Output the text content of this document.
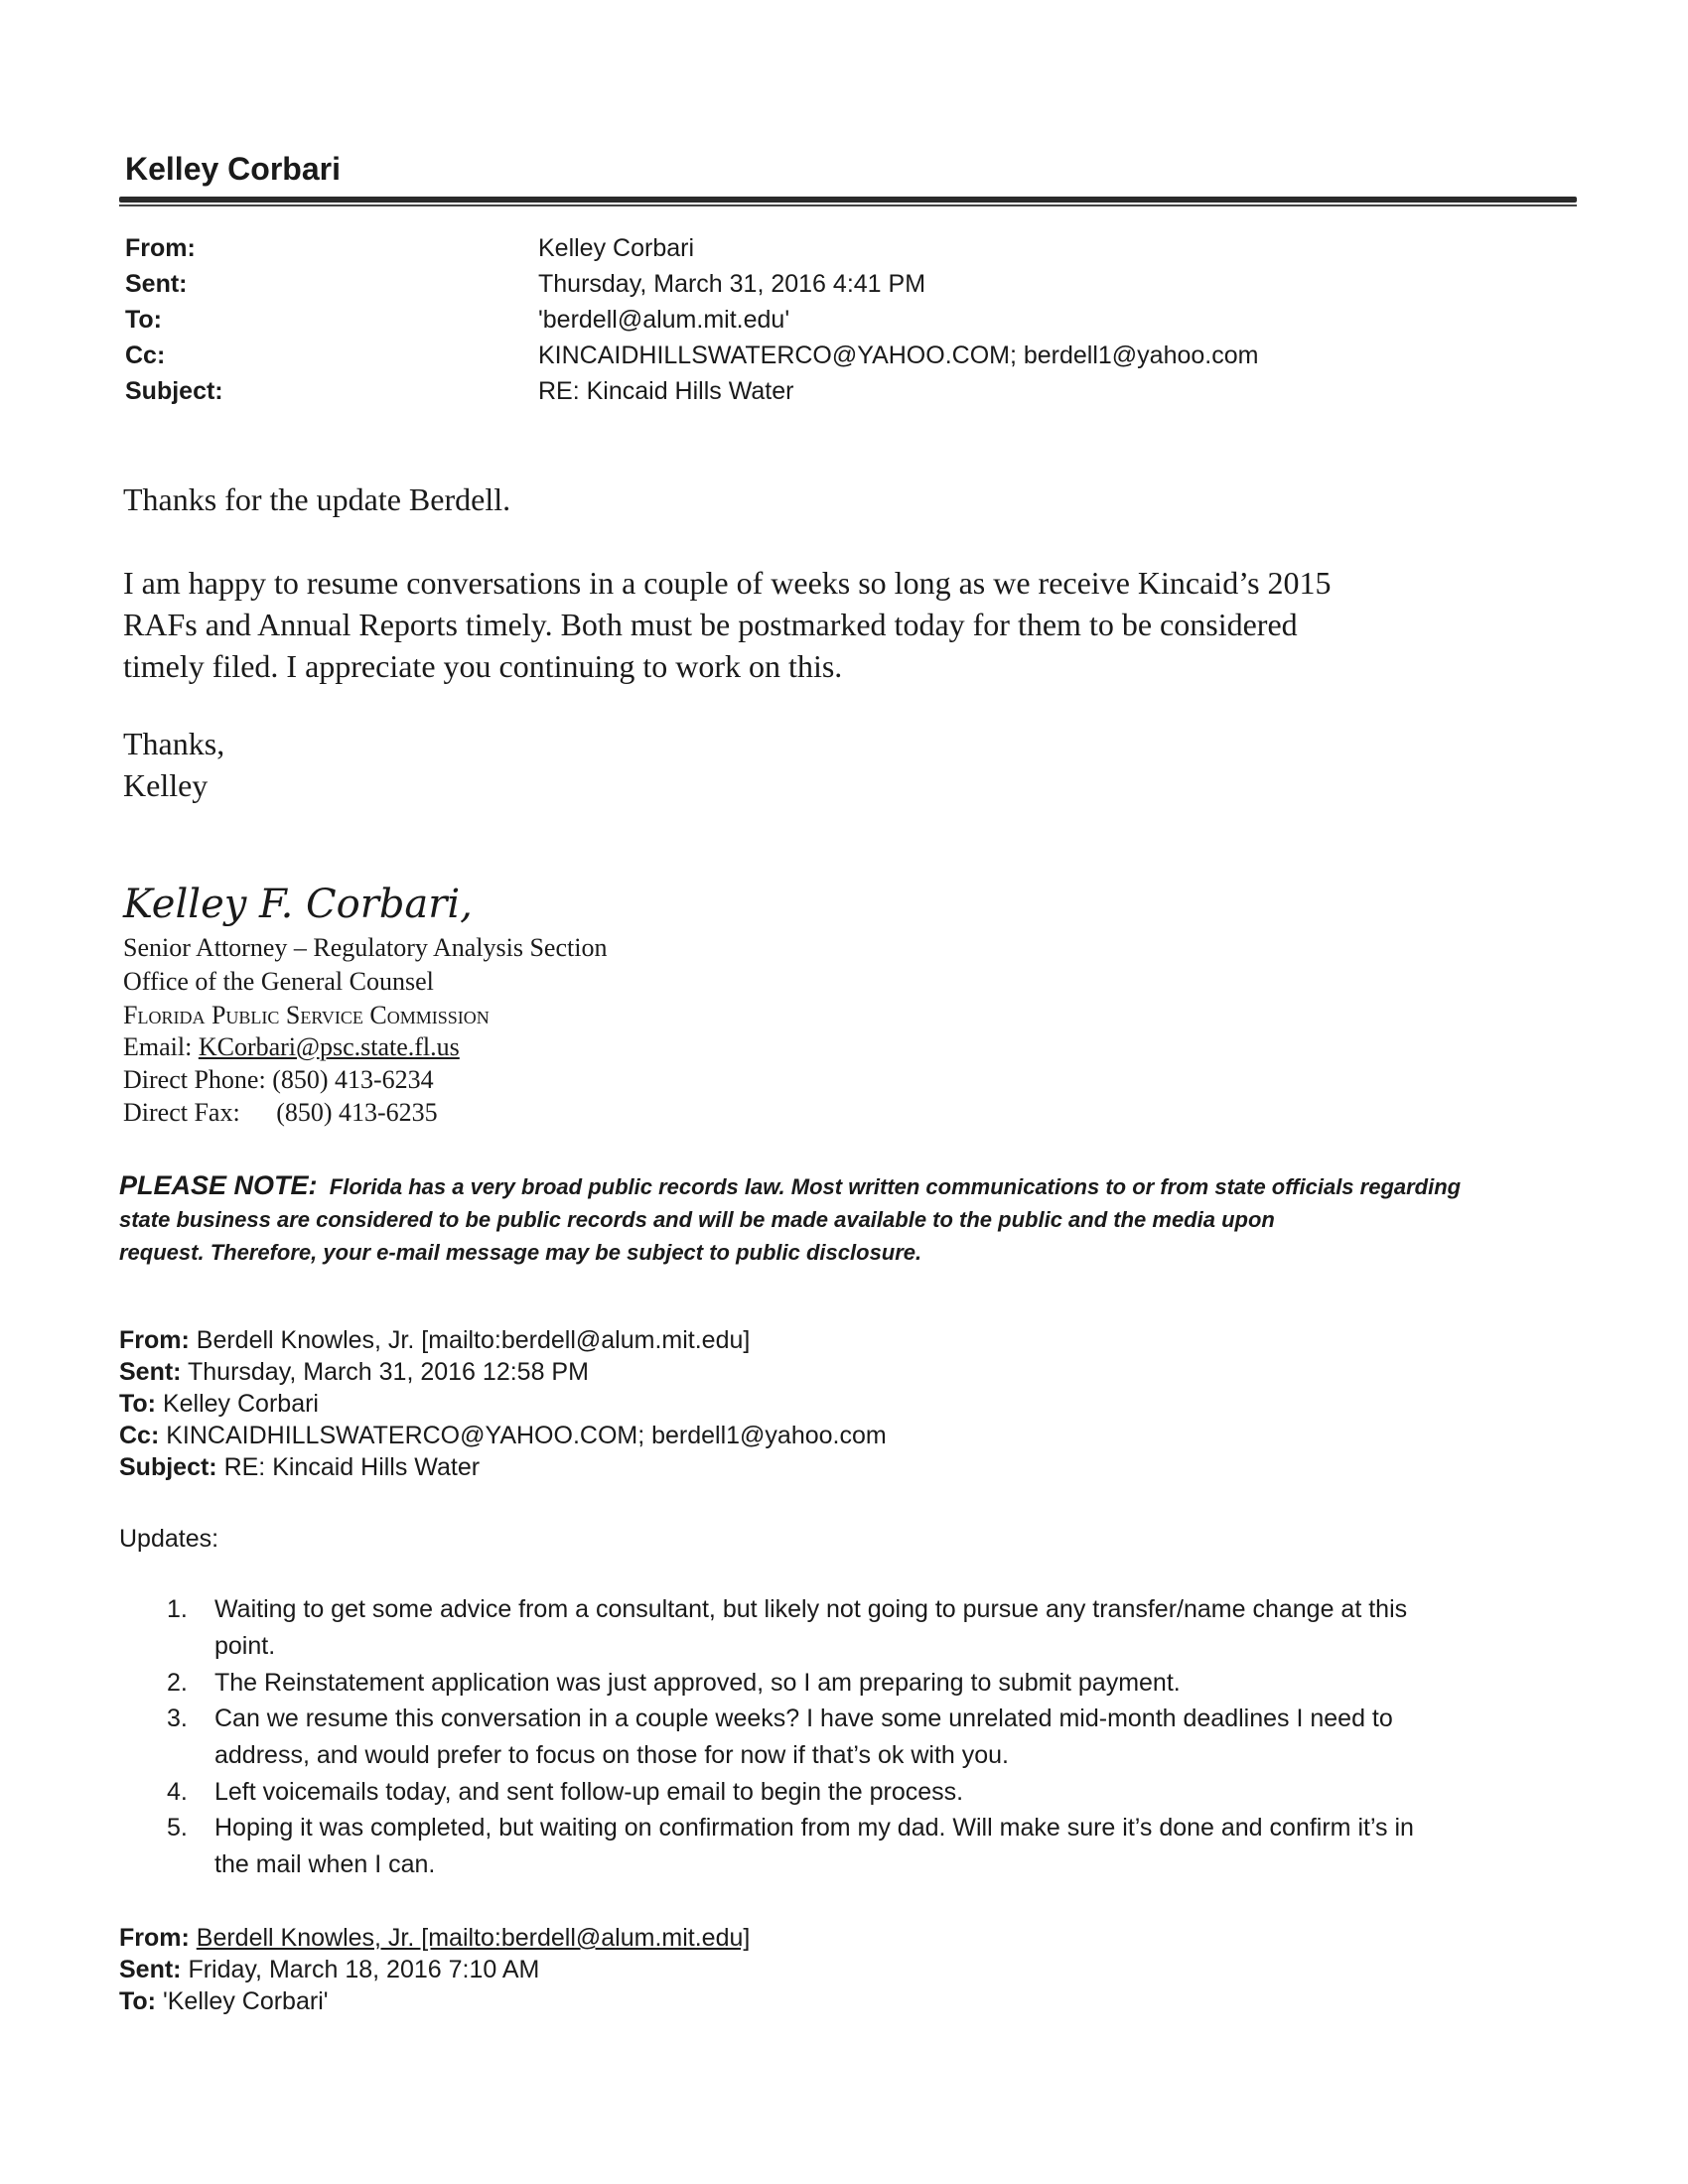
Kelley Corbari
From:	Kelley Corbari
Sent:	Thursday, March 31, 2016 4:41 PM
To:	'berdell@alum.mit.edu'
Cc:	KINCAIDHILLSWATERCO@YAHOO.COM; berdell1@yahoo.com
Subject:	RE: Kincaid Hills Water
Thanks for the update Berdell.
I am happy to resume conversations in a couple of weeks so long as we receive Kincaid’s 2015
RAFs and Annual Reports timely. Both must be postmarked today for them to be considered
timely filed. I appreciate you continuing to work on this.
Thanks,
Kelley
Kelley F. Corbari,
Senior Attorney – Regulatory Analysis Section
Office of the General Counsel
Florida Public Service Commission
Email: KCorbari@psc.state.fl.us
Direct Phone: (850) 413-6234
Direct Fax: (850) 413-6235
PLEASE NOTE: Florida has a very broad public records law. Most written communications to or from state officials regarding
state business are considered to be public records and will be made available to the public and the media upon
request. Therefore, your e-mail message may be subject to public disclosure.
From: Berdell Knowles, Jr. [mailto:berdell@alum.mit.edu]
Sent: Thursday, March 31, 2016 12:58 PM
To: Kelley Corbari
Cc: KINCAIDHILLSWATERCO@YAHOO.COM; berdell1@yahoo.com
Subject: RE: Kincaid Hills Water
Updates:
1. Waiting to get some advice from a consultant, but likely not going to pursue any transfer/name change at this
point.
2. The Reinstatement application was just approved, so I am preparing to submit payment.
3. Can we resume this conversation in a couple weeks? I have some unrelated mid-month deadlines I need to
address, and would prefer to focus on those for now if that’s ok with you.
4. Left voicemails today, and sent follow-up email to begin the process.
5. Hoping it was completed, but waiting on confirmation from my dad. Will make sure it’s done and confirm it’s in
the mail when I can.
From: Berdell Knowles, Jr. [mailto:berdell@alum.mit.edu]
Sent: Friday, March 18, 2016 7:10 AM
To: 'Kelley Corbari'
